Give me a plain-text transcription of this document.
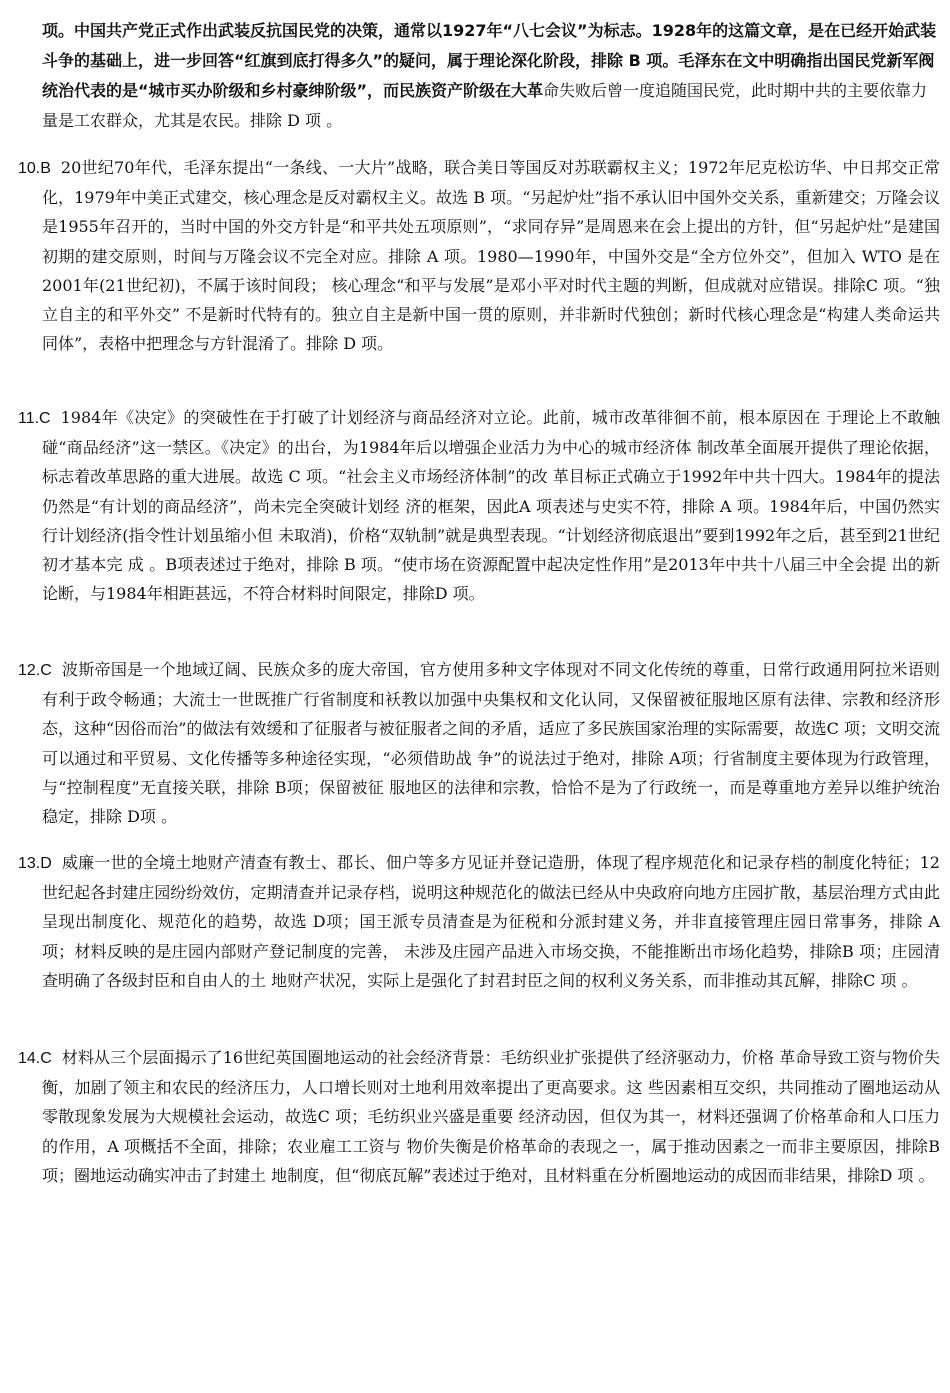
项。中国共产党正式作出武装反抗国民党的决策，通常以1927年“八七会议”为标志。1928年的这篇文章，是在已经开始武装斗争的基础上，进一步回答“红旗到底打得多久”的疑问，属于理论深化阶段，排除 B 项。毛泽东在文中明确指出国民党新军阀统治代表的是“城市买办阶级和乡村豪绅阶级”，而民族资产阶级在大革命失败后曾一度追随国民党，此时期中共的主要依靠力量是工农群众，尤其是农民。排除 D 项 。

10.B 20世纪70年代，毛泽东提出“一条线、一大片”战略，联合美日等国反对苏联霸权主义；1972年尼克松访华、中日邦交正常化，1979年中美正式建交，核心理念是反对霸权主义。故选 B 项。“另起炉灶”指不承认旧中国外交关系，重新建交；万隆会议是1955年召开的，当时中国的外交方针是“和平共处五项原则”，“求同存异”是周恩来在会上提出的方针，但“另起炉灶”是建国初期的建交原则，时间与万隆会议不完全对应。排除 A 项。1980—1990年，中国外交是“全方位外交”，但加入 WTO 是在2001年(21世纪初)，不属于该时间段； 核心理念“和平与发展”是邓小平对时代主题的判断，但成就对应错误。排除C 项。“独立自主的和平外交” 不是新时代特有的。独立自主是新中国一贯的原则，并非新时代独创；新时代核心理念是“构建人类命运共 同体”，表格中把理念与方针混淆了。排除 D 项。

11.C 1984年《决定》的突破性在于打破了计划经济与商品经济对立论。此前，城市改革徘徊不前，根本原因在 于理论上不敢触碰“商品经济”这一禁区。《决定》的出台，为1984年后以增强企业活力为中心的城市经济体 制改革全面展开提供了理论依据，标志着改革思路的重大进展。故选 C 项。“社会主义市场经济体制”的改 革目标正式确立于1992年中共十四大。1984年的提法仍然是“有计划的商品经济”，尚未完全突破计划经 济的框架，因此A 项表述与史实不符，排除 A 项。1984年后，中国仍然实行计划经济(指令性计划虽缩小但 未取消)，价格“双轨制”就是典型表现。“计划经济彻底退出”要到1992年之后，甚至到21世纪初才基本完 成 。B项表述过于绝对，排除 B 项。“使市场在资源配置中起决定性作用”是2013年中共十八届三中全会提 出的新论断，与1984年相距甚远，不符合材料时间限定，排除D 项。

12.C 波斯帝国是一个地域辽阔、民族众多的庞大帝国，官方使用多种文字体现对不同文化传统的尊重，日常行政通用阿拉米语则有利于政令畅通；大流士一世既推广行省制度和袄教以加强中央集权和文化认同，又保留被征服地区原有法律、宗教和经济形态，这种“因俗而治”的做法有效缓和了征服者与被征服者之间的矛盾，适应了多民族国家治理的实际需要，故选C 项；文明交流可以通过和平贸易、文化传播等多种途径实现，“必须借助战 争”的说法过于绝对，排除 A项；行省制度主要体现为行政管理，与“控制程度”无直接关联，排除 B项；保留被征 服地区的法律和宗教，恰恰不是为了行政统一，而是尊重地方差异以维护统治稳定，排除 D项 。

13.D 威廉一世的全境土地财产清查有教士、郡长、佃户等多方见证并登记造册，体现了程序规范化和记录存档的制度化特征；12世纪起各封建庄园纷纷效仿，定期清查并记录存档，说明这种规范化的做法已经从中央政府向地方庄园扩散，基层治理方式由此呈现出制度化、规范化的趋势，故选 D项；国王派专员清查是为征税和分派封建义务，并非直接管理庄园日常事务，排除 A 项；材料反映的是庄园内部财产登记制度的完善， 未涉及庄园产品进入市场交换，不能推断出市场化趋势，排除B 项；庄园清查明确了各级封臣和自由人的土 地财产状况，实际上是强化了封君封臣之间的权利义务关系，而非推动其瓦解，排除C 项 。

14.C 材料从三个层面揭示了16世纪英国圈地运动的社会经济背景：毛纺织业扩张提供了经济驱动力，价格 革命导致工资与物价失衡，加剧了领主和农民的经济压力，人口增长则对土地利用效率提出了更高要求。这 些因素相互交织，共同推动了圈地运动从零散现象发展为大规模社会运动，故选C 项；毛纺织业兴盛是重要 经济动因，但仅为其一，材料还强调了价格革命和人口压力的作用，A 项概括不全面，排除；农业雇工工资与 物价失衡是价格革命的表现之一，属于推动因素之一而非主要原因，排除B 项；圈地运动确实冲击了封建土 地制度，但“彻底瓦解”表述过于绝对，且材料重在分析圈地运动的成因而非结果，排除D 项 。
